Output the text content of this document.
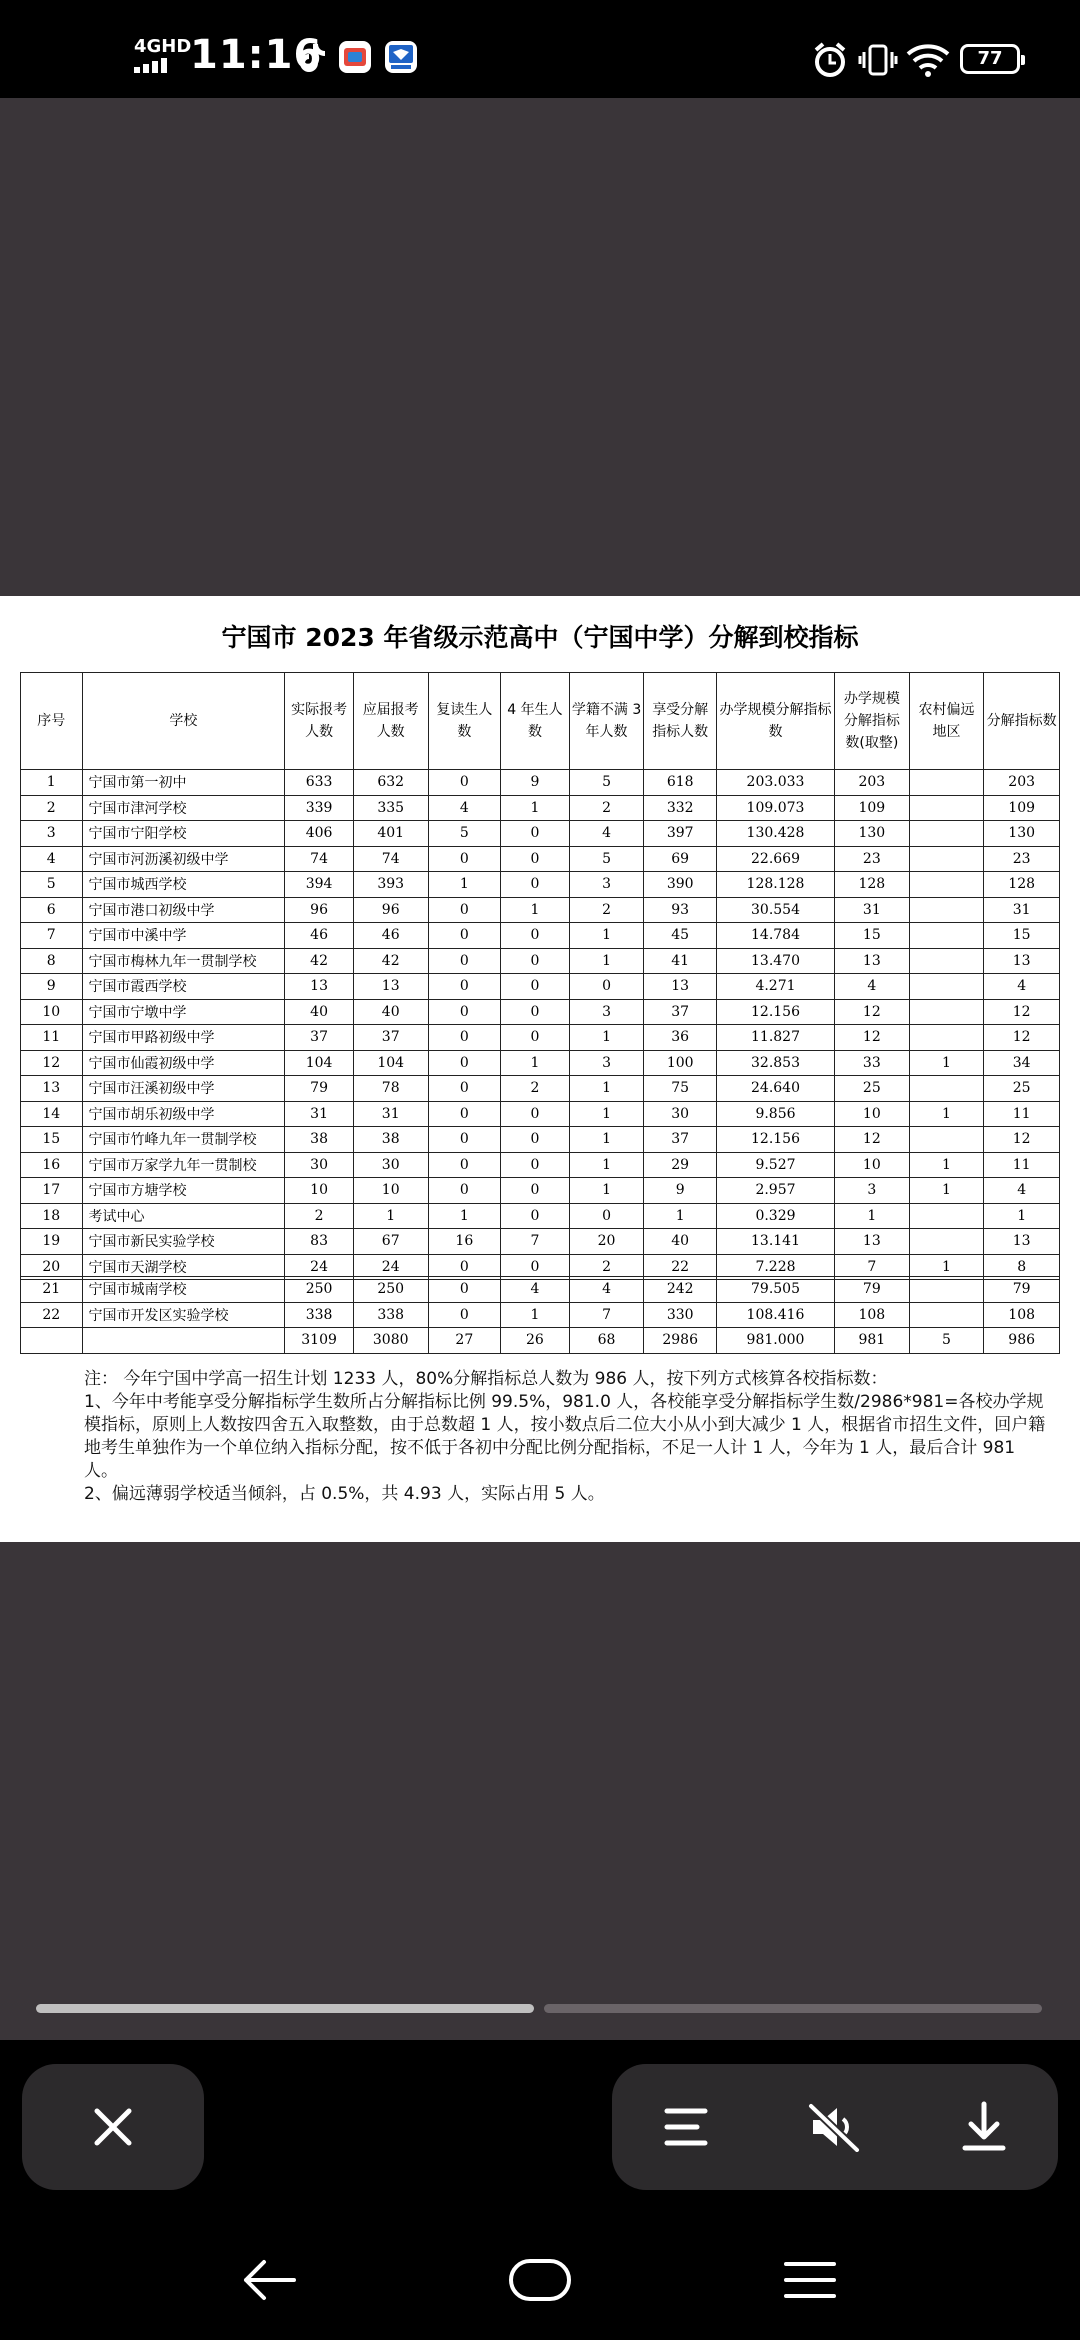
4GHD
11:16	77
宁国市 2023 年省级示范高中（宁国中学）分解到校指标
序号	学校	实际报考人数	应届报考人数	复读生人数	4 年生人数	学籍不满 3 年人数	享受分解指标人数	办学规模分解指标数	办学规模分解指标数(取整)	农村偏远地区	分解指标数
1	宁国市第一初中	633	632	0	9	5	618	203.033	203		203
2	宁国市津河学校	339	335	4	1	2	332	109.073	109		109
3	宁国市宁阳学校	406	401	5	0	4	397	130.428	130		130
4	宁国市河沥溪初级中学	74	74	0	0	5	69	22.669	23		23
5	宁国市城西学校	394	393	1	0	3	390	128.128	128		128
6	宁国市港口初级中学	96	96	0	1	2	93	30.554	31		31
7	宁国市中溪中学	46	46	0	0	1	45	14.784	15		15
8	宁国市梅林九年一贯制学校	42	42	0	0	1	41	13.470	13		13
9	宁国市霞西学校	13	13	0	0	0	13	4.271	4		4
10	宁国市宁墩中学	40	40	0	0	3	37	12.156	12		12
11	宁国市甲路初级中学	37	37	0	0	1	36	11.827	12		12
12	宁国市仙霞初级中学	104	104	0	1	3	100	32.853	33	1	34
13	宁国市汪溪初级中学	79	78	0	2	1	75	24.640	25		25
14	宁国市胡乐初级中学	31	31	0	0	1	30	9.856	10	1	11
15	宁国市竹峰九年一贯制学校	38	38	0	0	1	37	12.156	12		12
16	宁国市万家学九年一贯制校	30	30	0	0	1	29	9.527	10	1	11
17	宁国市方塘学校	10	10	0	0	1	9	2.957	3	1	4
18	考试中心	2	1	1	0	0	1	0.329	1		1
19	宁国市新民实验学校	83	67	16	7	20	40	13.141	13		13
20	宁国市天湖学校	24	24	0	0	2	22	7.228	7	1	8
21	宁国市城南学校	250	250	0	4	4	242	79.505	79		79
22	宁国市开发区实验学校	338	338	0	1	7	330	108.416	108		108
		3109	3080	27	26	68	2986	981.000	981	5	986

注： 今年宁国中学高一招生计划 1233 人，80%分解指标总人数为 986 人，按下列方式核算各校指标数：

1、今年中考能享受分解指标学生数所占分解指标比例 99.5%，981.0 人，各校能享受分解指标学生数/2986*981=各校办学规模指标，原则上人数按四舍五入取整数，由于总数超 1 人，按小数点后二位大小从小到大减少 1 人，根据省市招生文件，回户籍地考生单独作为一个单位纳入指标分配，按不低于各初中分配比例分配指标，不足一人计 1 人，今年为 1 人，最后合计 981 人。

2、偏远薄弱学校适当倾斜，占 0.5%，共 4.93 人，实际占用 5 人。
